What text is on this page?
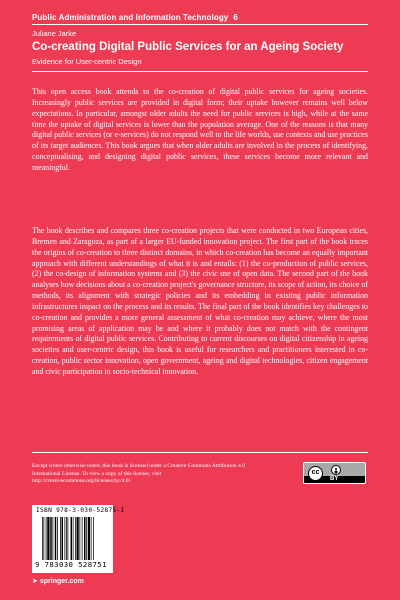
Public Administration and Information Technology 6
Juliane Jarke
Co-creating Digital Public Services for an Ageing Society
Evidence for User-centric Design

This open access book attends to the co-creation of digital public services for ageing societies. Increasingly public services are provided in digital form; their uptake however remains well below expectations. In particular, amongst older adults the need for public services is high, while at the same time the uptake of digital services is lower than the population average. One of the reasons is that many digital public services (or e-services) do not respond well to the life worlds, use contexts and use practices of its target audiences. This book argues that when older adults are involved in the process of identifying, conceptualising, and designing digital public services, these services become more relevant and meaningful.

The book describes and compares three co-creation projects that were conducted in two European cities, Bremen and Zaragoza, as part of a larger EU-funded innovation project. The first part of the book traces the origins of co-creation to three distinct domains, in which co-creation has become an equally important approach with different understandings of what it is and entails: (1) the co-production of public services, (2) the co-design of information systems and (3) the civic use of open data. The second part of the book analyses how decisions about a co-creation project's governance structure, its scope of action, its choice of methods, its alignment with strategic policies and its embedding in existing public information infrastructures impact on the process and its results. The final part of the book identifies key challenges to co-creation and provides a more general assessment of what co-creation may achieve, where the most promising areas of application may be and where it probably does not match with the contingent requirements of digital public services. Contributing to current discourses on digital citizenship in ageing societies and user-centric design, this book is useful for researchers and practitioners interested in co-creation, public sector innovation, open government, ageing and digital technologies, citizen engagement and civic participation in socio-technical innovation.

Except where otherwise noted, this book is licensed under a Creative Commons Attribution 4.0 International License. To view a copy of this license, visit http://creativecommons.org/licenses/by/4.0/.
cc
BY
ISBN 978-3-030-52875-1
9 783030 528751
➤ springer.com
